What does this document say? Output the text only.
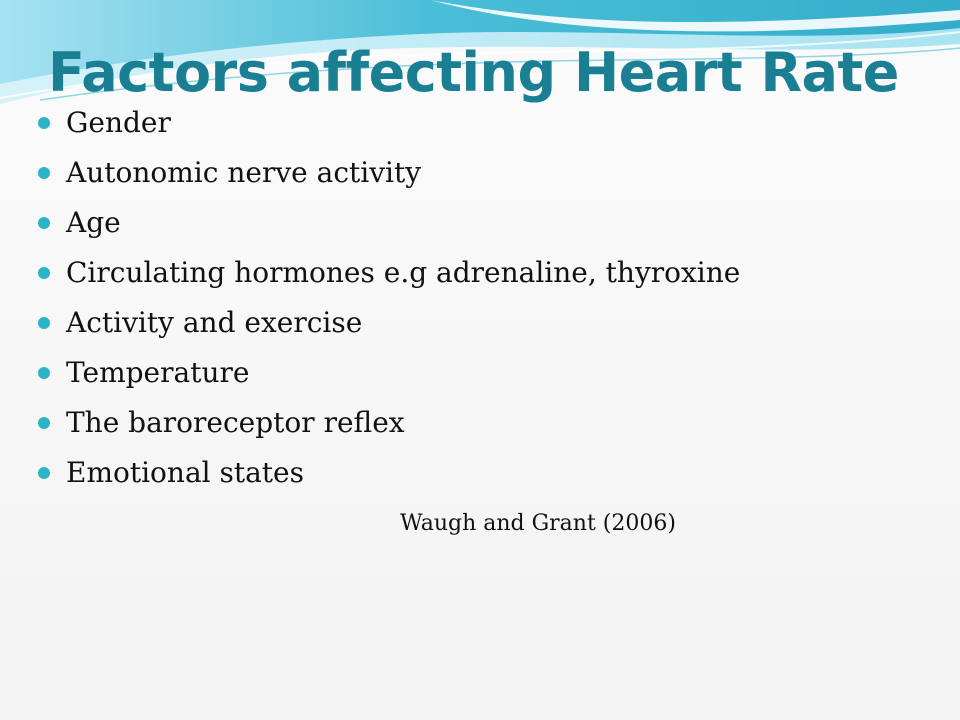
Factors affecting Heart Rate
Gender
Autonomic nerve activity
Age
Circulating hormones e.g adrenaline, thyroxine
Activity and exercise
Temperature
The baroreceptor reflex
Emotional states
Waugh and Grant (2006)
